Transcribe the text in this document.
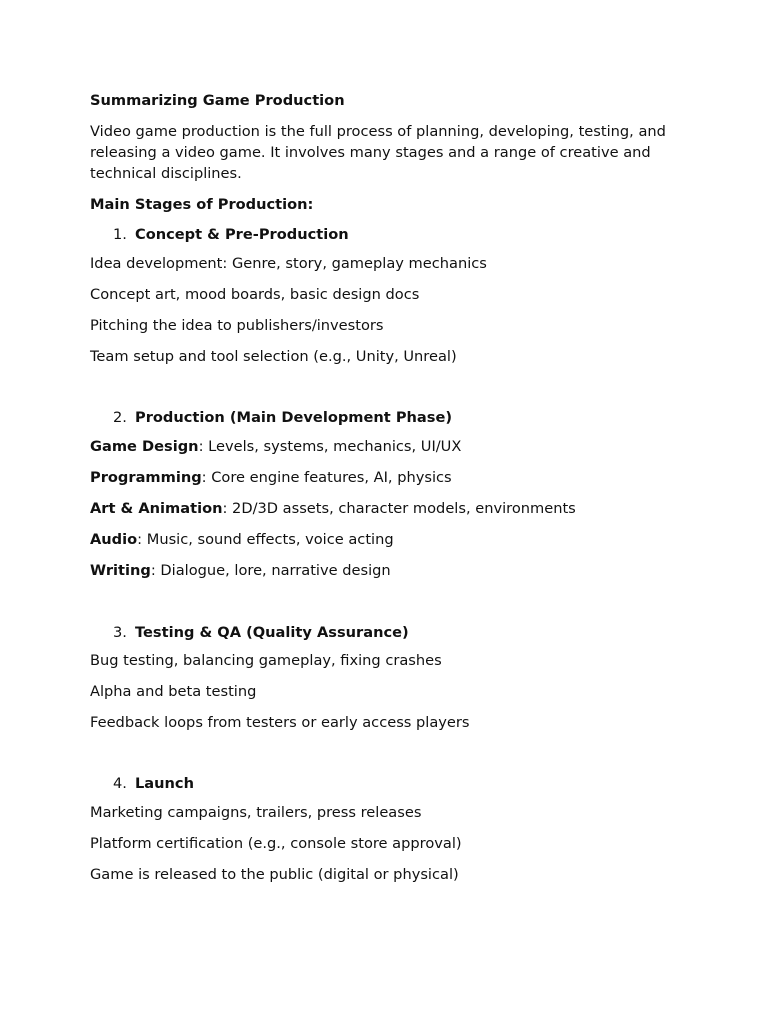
Summarizing Game Production

Video game production is the full process of planning, developing, testing, and releasing a video game. It involves many stages and a range of creative and technical disciplines.

Main Stages of Production:

1. Concept & Pre-Production

Idea development: Genre, story, gameplay mechanics

Concept art, mood boards, basic design docs

Pitching the idea to publishers/investors

Team setup and tool selection (e.g., Unity, Unreal)

2. Production (Main Development Phase)

Game Design: Levels, systems, mechanics, UI/UX

Programming: Core engine features, AI, physics

Art & Animation: 2D/3D assets, character models, environments

Audio: Music, sound effects, voice acting

Writing: Dialogue, lore, narrative design

3. Testing & QA (Quality Assurance)

Bug testing, balancing gameplay, fixing crashes

Alpha and beta testing

Feedback loops from testers or early access players

4. Launch

Marketing campaigns, trailers, press releases

Platform certification (e.g., console store approval)

Game is released to the public (digital or physical)
